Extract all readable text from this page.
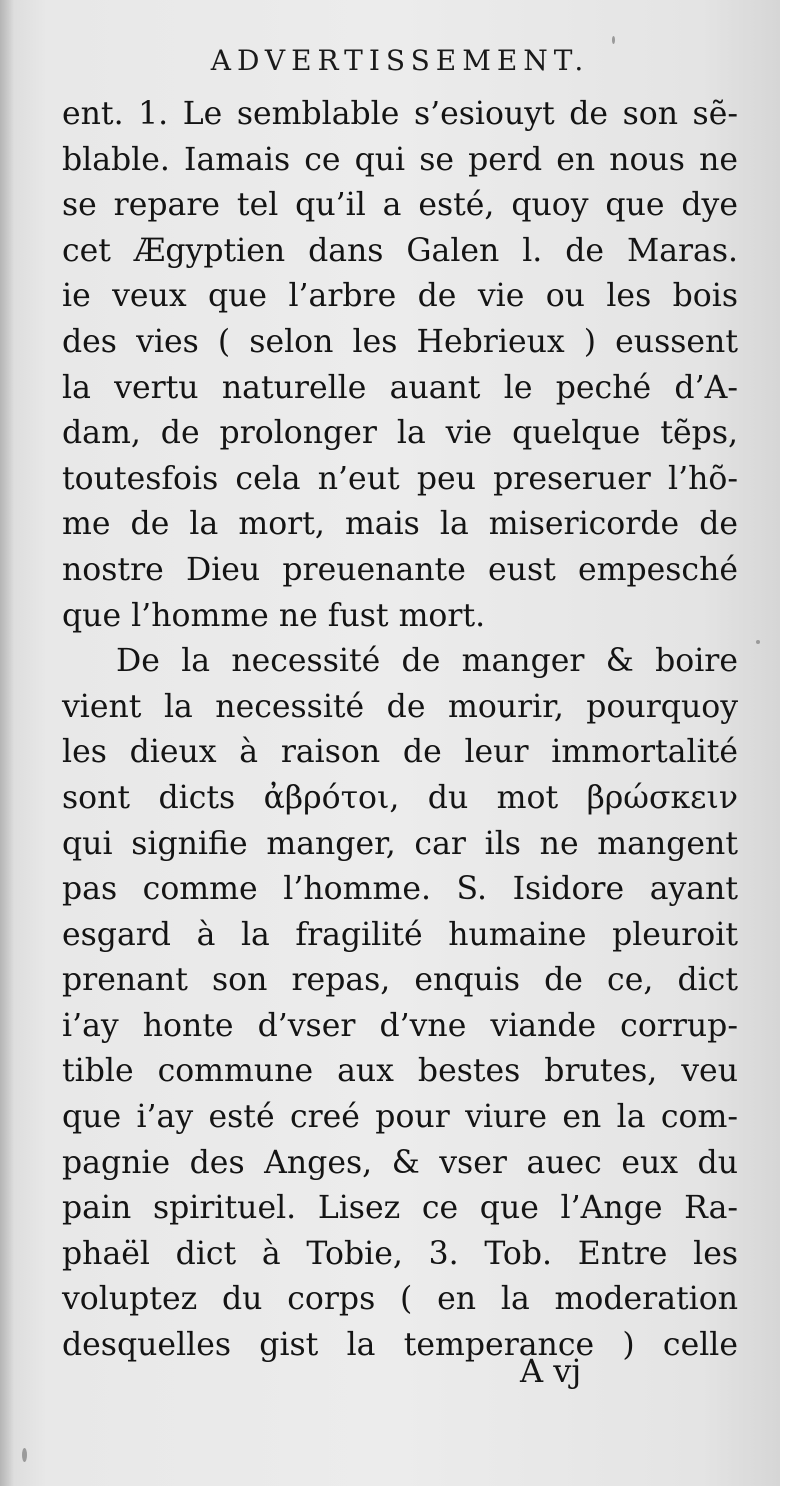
ADVERTISSEMENT.
ent. 1. Le semblable s’esiouyt de son sẽ-
blable. Iamais ce qui se perd en nous ne
se repare tel qu’il a esté, quoy que dye
cet Ægyptien dans Galen l. de Maras.
ie veux que l’arbre de vie ou les bois
des vies ( selon les Hebrieux ) eussent
la vertu naturelle auant le peché d’A-
dam, de prolonger la vie quelque tẽps,
toutesfois cela n’eut peu preseruer l’hõ-
me de la mort, mais la misericorde de
nostre Dieu preuenante eust empesché
que l’homme ne fust mort.
De la necessité de manger & boire
vient la necessité de mourir, pourquoy
les dieux à raison de leur immortalité
sont dicts ἀβρότοι, du mot βρώσκειν
qui signifie manger, car ils ne mangent
pas comme l’homme. S. Isidore ayant
esgard à la fragilité humaine pleuroit
prenant son repas, enquis de ce, dict
i’ay honte d’vser d’vne viande corrup-
tible commune aux bestes brutes, veu
que i’ay esté creé pour viure en la com-
pagnie des Anges, & vser auec eux du
pain spirituel. Lisez ce que l’Ange Ra-
phaël dict à Tobie, 3. Tob. Entre les
voluptez du corps ( en la moderation
desquelles gist la temperance ) celle
A vj
